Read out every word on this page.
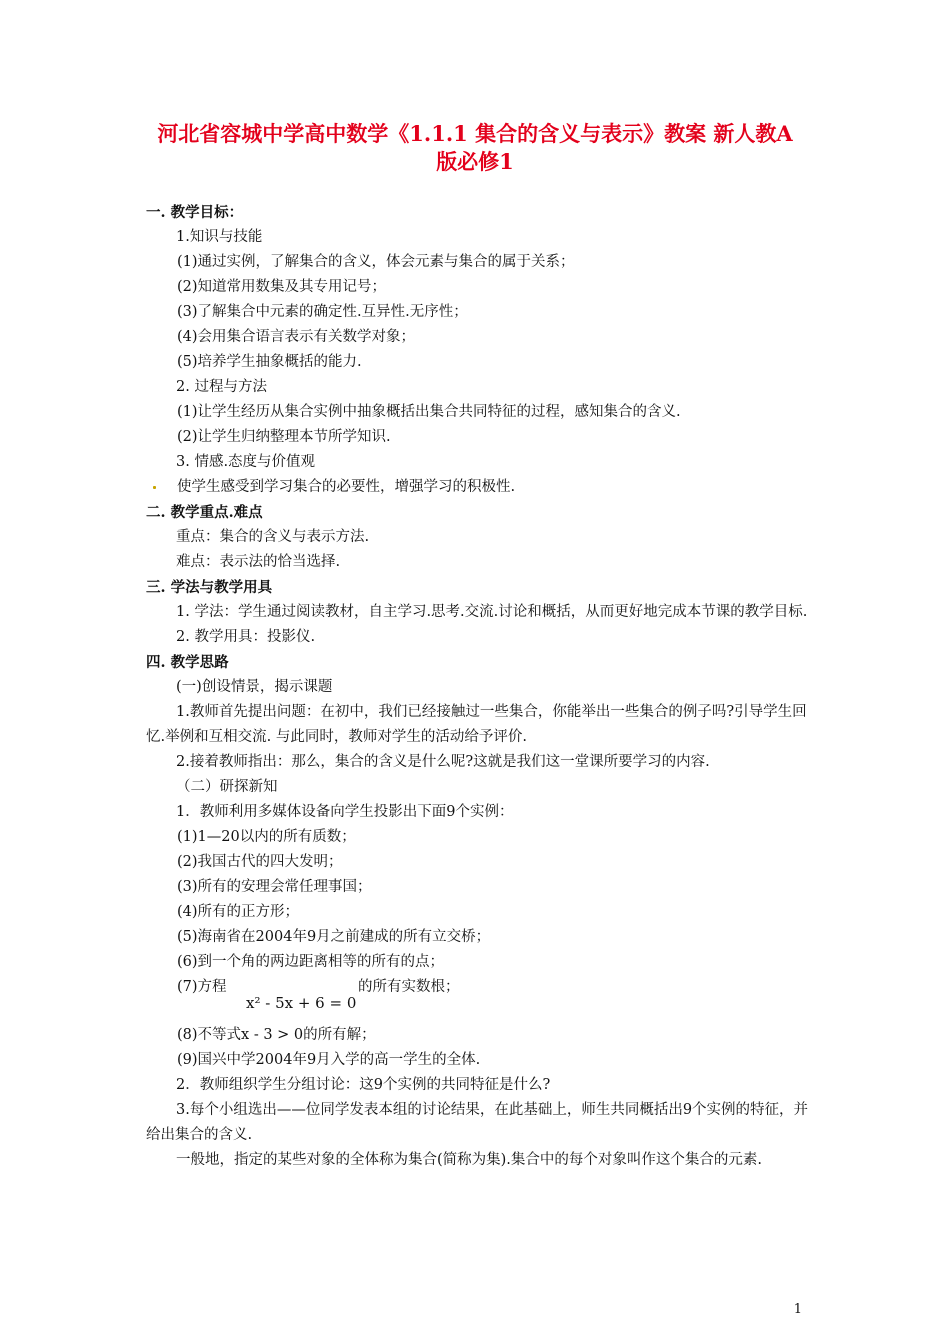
河北省容城中学高中数学《1.1.1 集合的含义与表示》教案 新人教A
版必修1
一. 教学目标：
1.知识与技能
(1)通过实例，了解集合的含义，体会元素与集合的属于关系；
(2)知道常用数集及其专用记号；
(3)了解集合中元素的确定性.互异性.无序性；
(4)会用集合语言表示有关数学对象；
(5)培养学生抽象概括的能力.
2. 过程与方法
(1)让学生经历从集合实例中抽象概括出集合共同特征的过程，感知集合的含义.
(2)让学生归纳整理本节所学知识.
3. 情感.态度与价值观
使学生感受到学习集合的必要性，增强学习的积极性.
二. 教学重点.难点
重点：集合的含义与表示方法.
难点：表示法的恰当选择.
三. 学法与教学用具
1. 学法：学生通过阅读教材，自主学习.思考.交流.讨论和概括，从而更好地完成本节课的教学目标.
2. 教学用具：投影仪.
四. 教学思路
(一)创设情景，揭示课题
1.教师首先提出问题：在初中，我们已经接触过一些集合，你能举出一些集合的例子吗?引导学生回忆.举例和互相交流. 与此同时，教师对学生的活动给予评价.
2.接着教师指出：那么，集合的含义是什么呢?这就是我们这一堂课所要学习的内容.
（二）研探新知
1．教师利用多媒体设备向学生投影出下面9个实例：
(1)1—20以内的所有质数；
(2)我国古代的四大发明；
(3)所有的安理会常任理事国；
(4)所有的正方形；
(5)海南省在2004年9月之前建成的所有立交桥；
(6)到一个角的两边距离相等的所有的点；
(7)方程
x² - 5x + 6 = 0
的所有实数根；
(8)不等式x - 3 > 0的所有解；
(9)国兴中学2004年9月入学的高一学生的全体.
2．教师组织学生分组讨论：这9个实例的共同特征是什么?
3.每个小组选出——位同学发表本组的讨论结果，在此基础上，师生共同概括出9个实例的特征，并给出集合的含义.
一般地，指定的某些对象的全体称为集合(简称为集).集合中的每个对象叫作这个集合的元素.
1
